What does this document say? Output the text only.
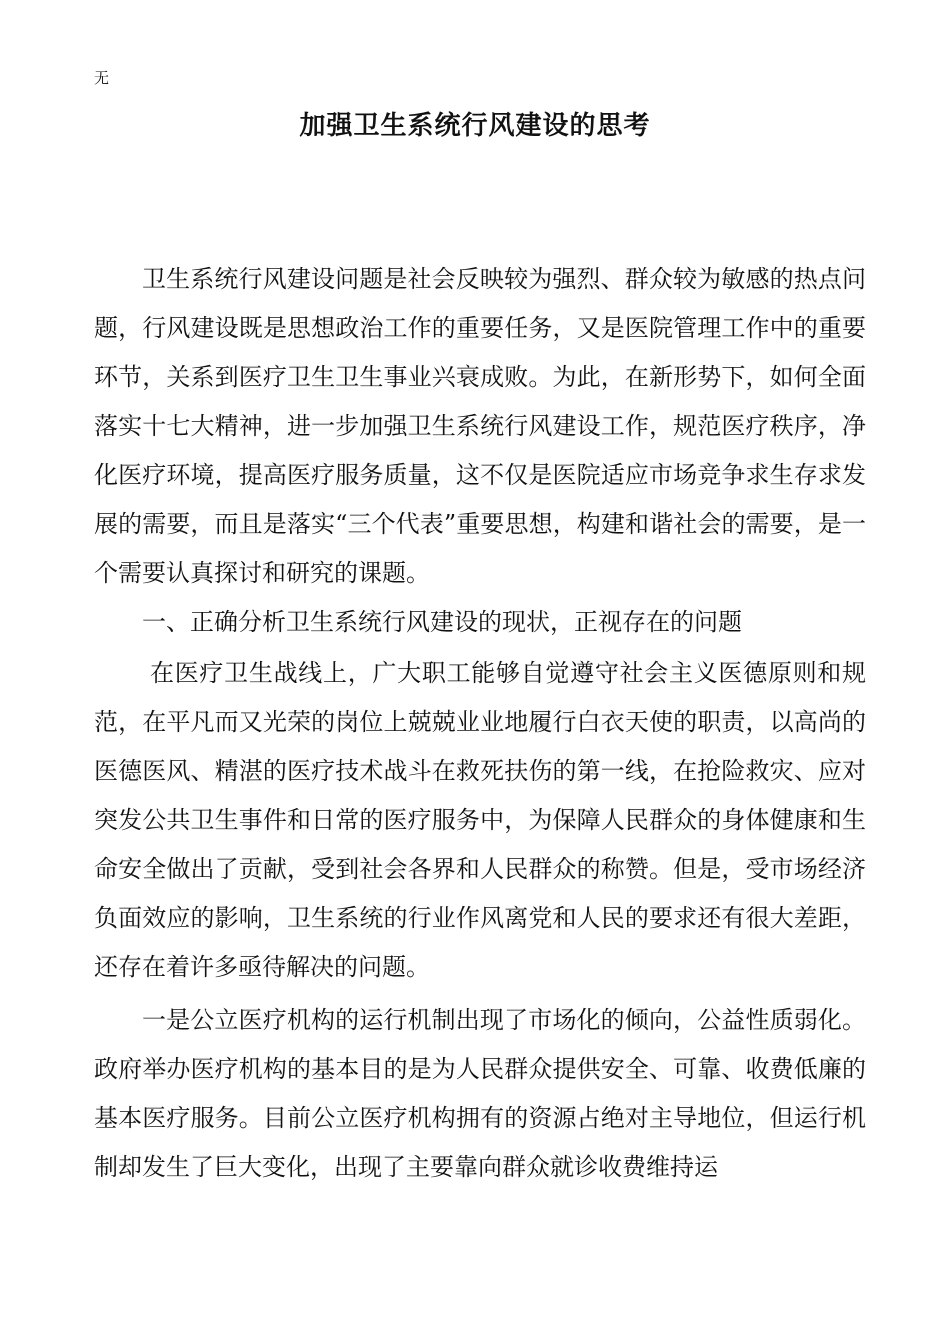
无
加强卫生系统行风建设的思考

卫生系统行风建设问题是社会反映较为强烈、群众较为敏感的热点问题，行风建设既是思想政治工作的重要任务，又是医院管理工作中的重要环节，关系到医疗卫生卫生事业兴衰成败。为此，在新形势下，如何全面落实十七大精神，进一步加强卫生系统行风建设工作，规范医疗秩序，净化医疗环境，提高医疗服务质量，这不仅是医院适应市场竞争求生存求发展的需要，而且是落实“三个代表”重要思想，构建和谐社会的需要，是一个需要认真探讨和研究的课题。

一、正确分析卫生系统行风建设的现状，正视存在的问题

在医疗卫生战线上，广大职工能够自觉遵守社会主义医德原则和规范，在平凡而又光荣的岗位上兢兢业业地履行白衣天使的职责，以高尚的医德医风、精湛的医疗技术战斗在救死扶伤的第一线，在抢险救灾、应对突发公共卫生事件和日常的医疗服务中，为保障人民群众的身体健康和生命安全做出了贡献，受到社会各界和人民群众的称赞。但是，受市场经济负面效应的影响，卫生系统的行业作风离党和人民的要求还有很大差距，还存在着许多亟待解决的问题。

一是公立医疗机构的运行机制出现了市场化的倾向，公益性质弱化。政府举办医疗机构的基本目的是为人民群众提供安全、可靠、收费低廉的基本医疗服务。目前公立医疗机构拥有的资源占绝对主导地位，但运行机制却发生了巨大变化，出现了主要靠向群众就诊收费维持运
